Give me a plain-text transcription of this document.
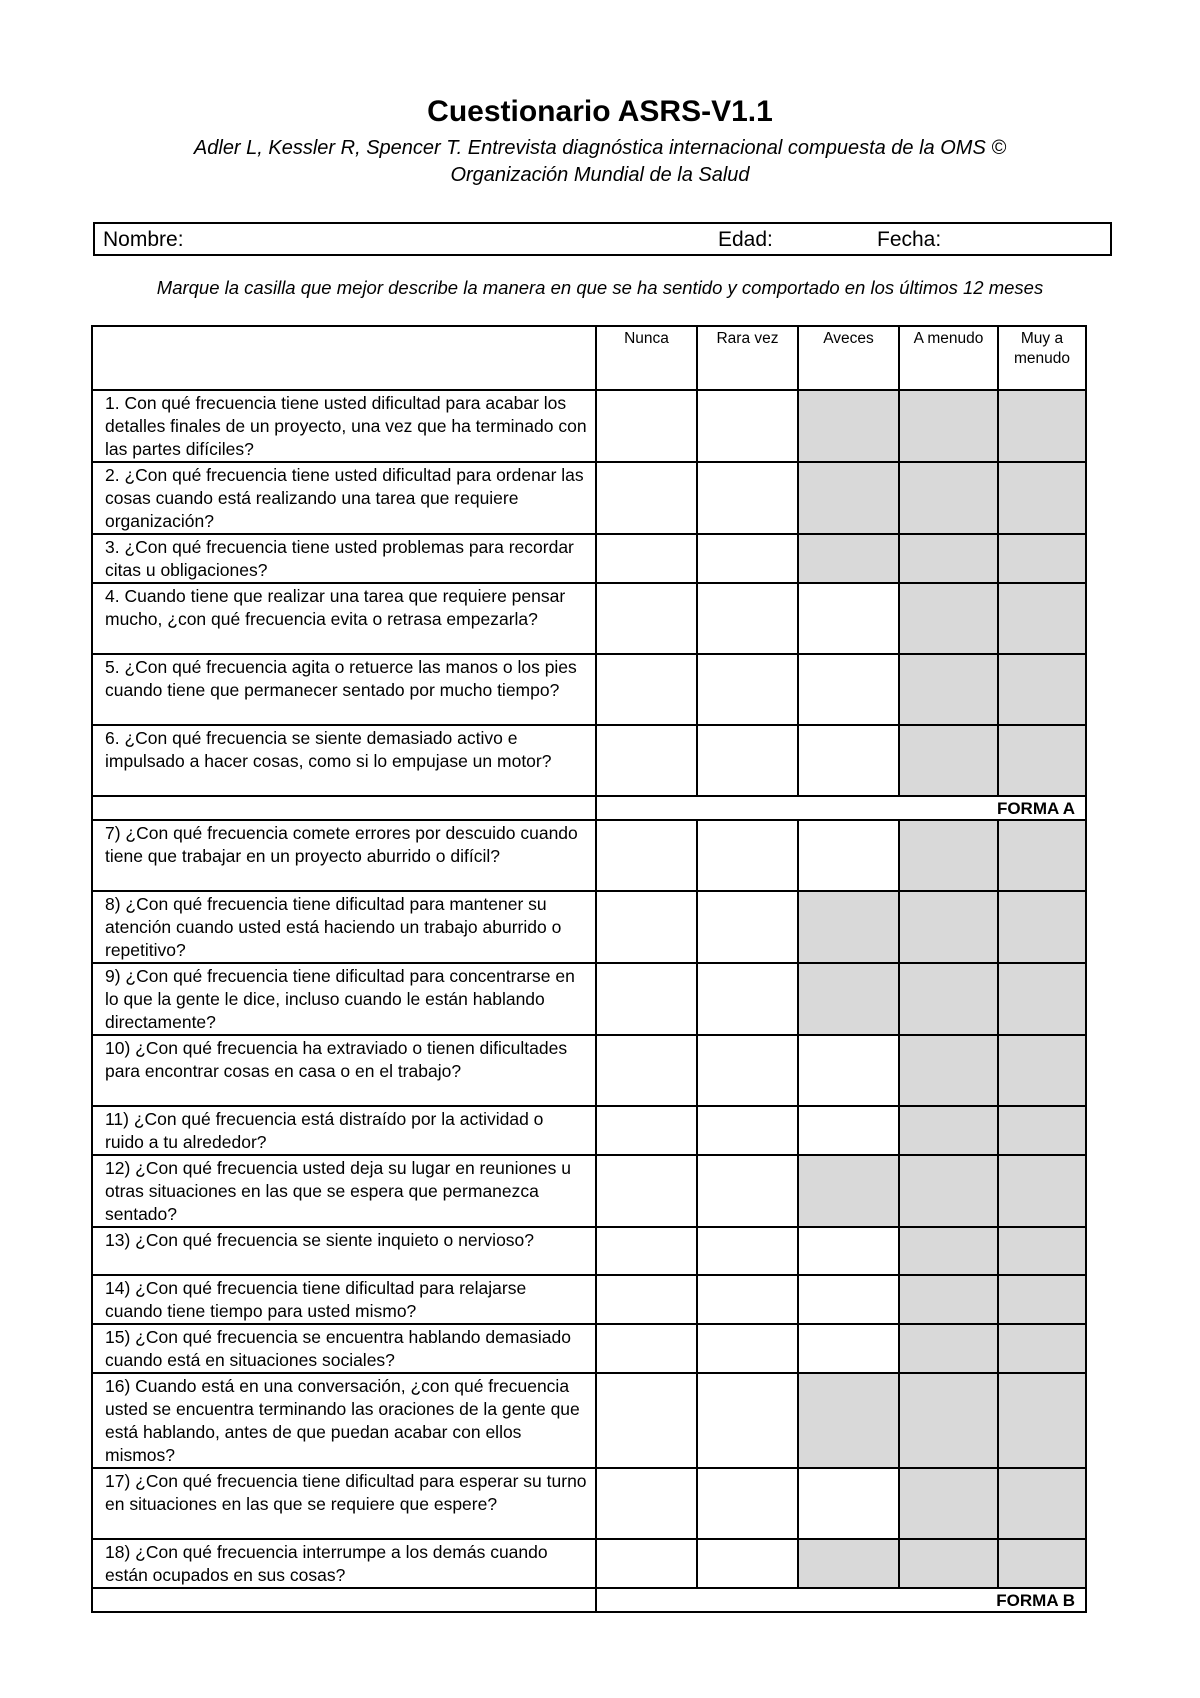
Cuestionario ASRS-V1.1
Adler L, Kessler R, Spencer T. Entrevista diagnóstica internacional compuesta de la OMS ©
Organización Mundial de la Salud
Nombre:	Edad:	Fecha:
Marque la casilla que mejor describe la manera en que se ha sentido y comportado en los últimos 12 meses
	Nunca	Rara vez	Aveces	A menudo	Muy a menudo
1. Con qué frecuencia tiene usted dificultad para acabar los detalles finales de un proyecto, una vez que ha terminado con las partes difíciles?					
2. ¿Con qué frecuencia tiene usted dificultad para ordenar las cosas cuando está realizando una tarea que requiere organización?					
3. ¿Con qué frecuencia tiene usted problemas para recordar citas u obligaciones?					
4. Cuando tiene que realizar una tarea que requiere pensar mucho, ¿con qué frecuencia evita o retrasa empezarla?					
5. ¿Con qué frecuencia agita o retuerce las manos o los pies cuando tiene que permanecer sentado por mucho tiempo?					
6. ¿Con qué frecuencia se siente demasiado activo e impulsado a hacer cosas, como si lo empujase un motor?					
	FORMA A				
7) ¿Con qué frecuencia comete errores por descuido cuando tiene que trabajar en un proyecto aburrido o difícil?					
8) ¿Con qué frecuencia tiene dificultad para mantener su atención cuando usted está haciendo un trabajo aburrido o repetitivo?					
9) ¿Con qué frecuencia tiene dificultad para concentrarse en lo que la gente le dice, incluso cuando le están hablando directamente?					
10) ¿Con qué frecuencia ha extraviado o tienen dificultades para encontrar cosas en casa o en el trabajo?					
11) ¿Con qué frecuencia está distraído por la actividad o ruido a tu alrededor?					
12) ¿Con qué frecuencia usted deja su lugar en reuniones u otras situaciones en las que se espera que permanezca sentado?					
13) ¿Con qué frecuencia se siente inquieto o nervioso?					
14) ¿Con qué frecuencia tiene dificultad para relajarse cuando tiene tiempo para usted mismo?					
15) ¿Con qué frecuencia se encuentra hablando demasiado cuando está en situaciones sociales?					
16) Cuando está en una conversación, ¿con qué frecuencia usted se encuentra terminando las oraciones de la gente que está hablando, antes de que puedan acabar con ellos mismos?					
17) ¿Con qué frecuencia tiene dificultad para esperar su turno en situaciones en las que se requiere que espere?					
18) ¿Con qué frecuencia interrumpe a los demás cuando están ocupados en sus cosas?					
	FORMA B				
